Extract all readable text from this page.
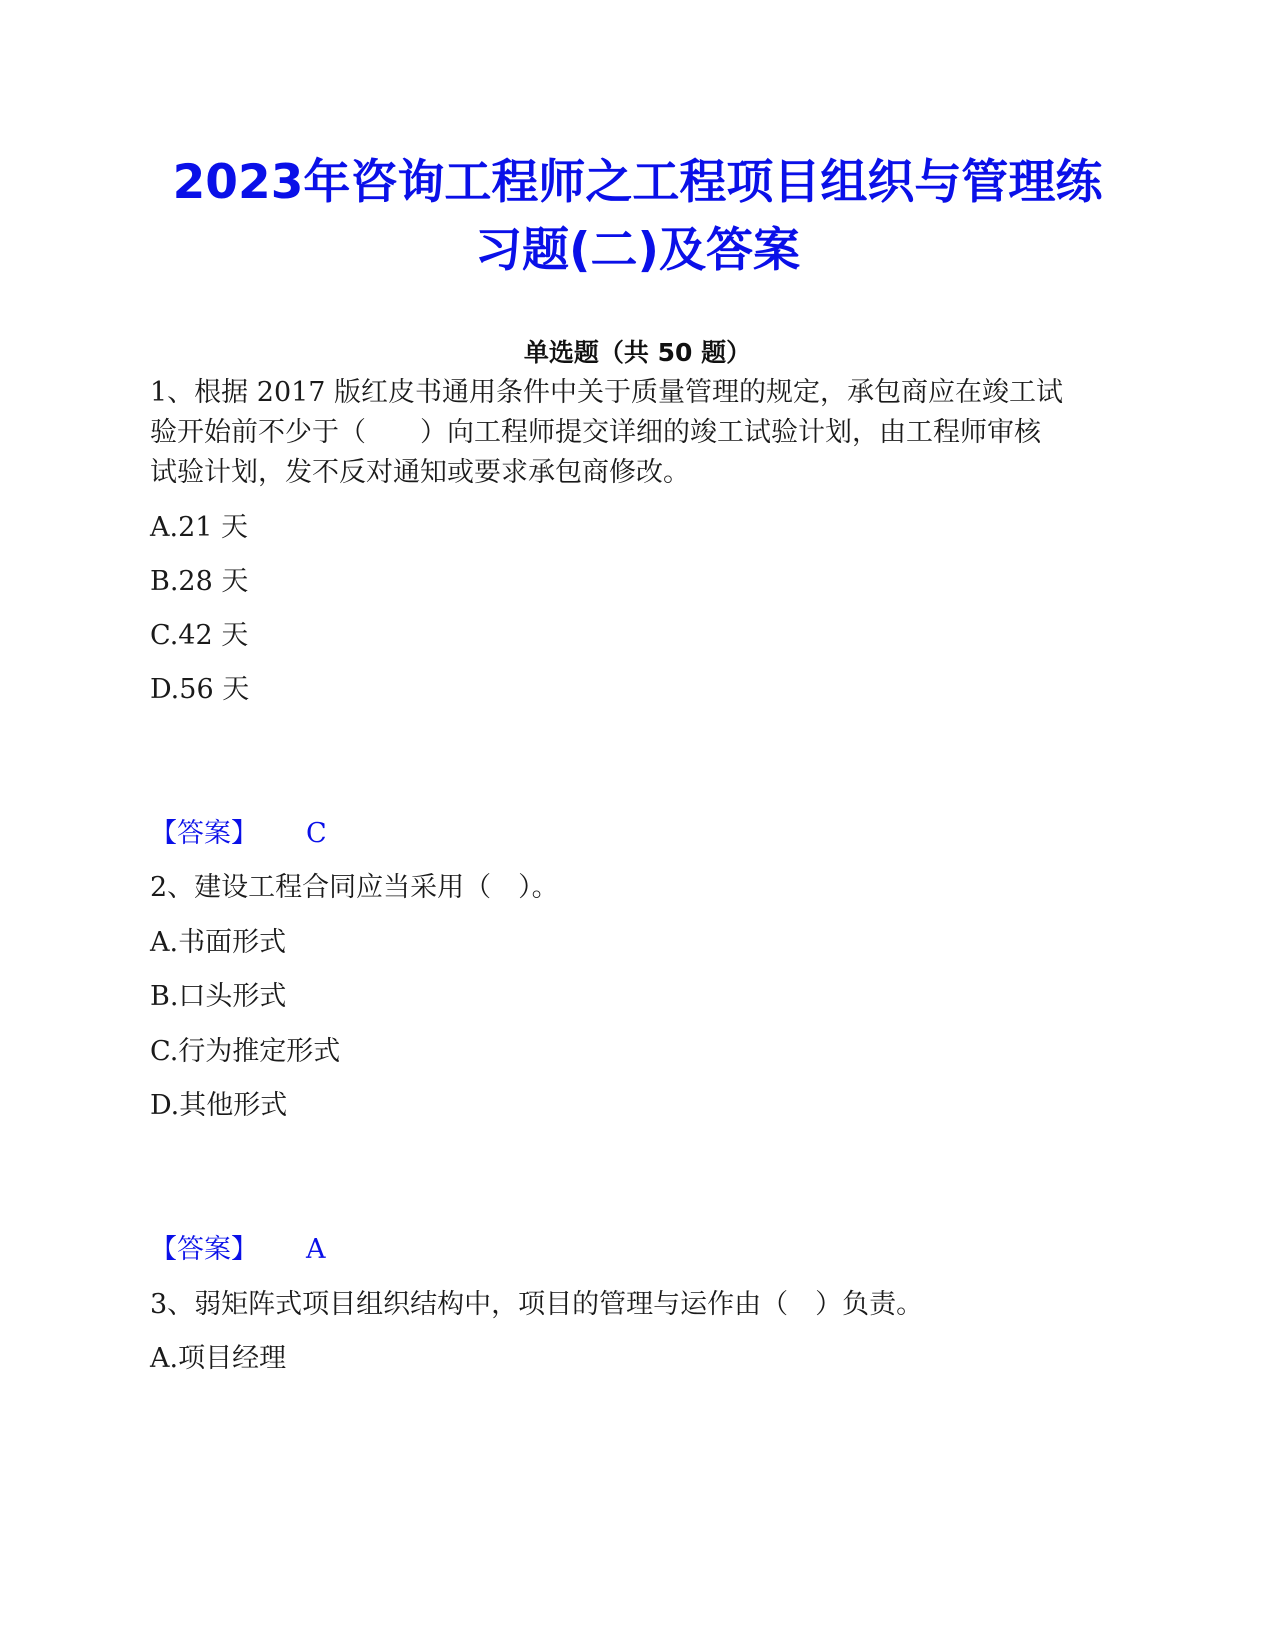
2023年咨询工程师之工程项目组织与管理练
习题(二)及答案
单选题（共 50 题）
1、根据 2017 版红皮书通用条件中关于质量管理的规定，承包商应在竣工试
验开始前不少于（　　）向工程师提交详细的竣工试验计划，由工程师审核
试验计划，发不反对通知或要求承包商修改。
A.21 天
B.28 天
C.42 天
D.56 天
【答案】 C
2、建设工程合同应当采用（　）。
A.书面形式
B.口头形式
C.行为推定形式
D.其他形式
【答案】 A
3、弱矩阵式项目组织结构中，项目的管理与运作由（　）负责。
A.项目经理
